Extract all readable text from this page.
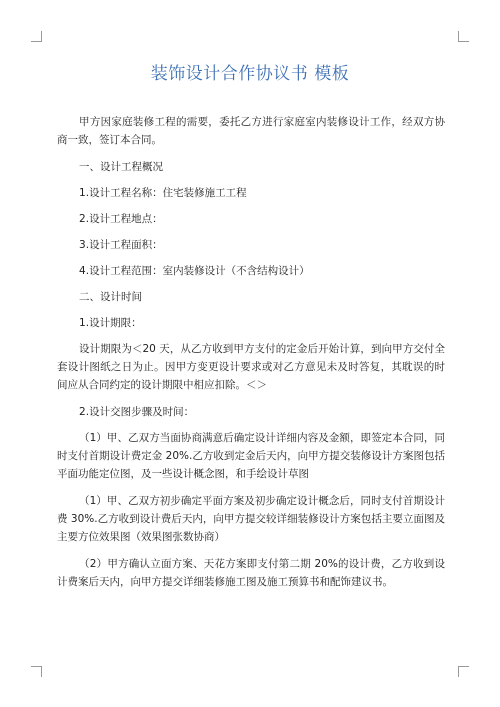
装饰设计合作协议书 模板

甲方因家庭装修工程的需要，委托乙方进行家庭室内装修设计工作，经双方协商一致，签订本合同。

一、设计工程概况

1.设计工程名称：住宅装修施工工程

2.设计工程地点：

3.设计工程面积：

4.设计工程范围：室内装修设计（不含结构设计）

二、设计时间

1.设计期限：

设计期限为＜20 天，从乙方收到甲方支付的定金后开始计算，到向甲方交付全套设计图纸之日为止。因甲方变更设计要求或对乙方意见未及时答复，其耽误的时间应从合同约定的设计期限中相应扣除。＜＞

2.设计交图步骤及时间：

（1）甲、乙双方当面协商满意后确定设计详细内容及金额，即签定本合同，同时支付首期设计费定金 20%.乙方收到定金后天内，向甲方提交装修设计方案图包括平面功能定位图，及一些设计概念图，和手绘设计草图

（1）甲、乙双方初步确定平面方案及初步确定设计概念后，同时支付首期设计费 30%.乙方收到设计费后天内，向甲方提交较详细装修设计方案包括主要立面图及主要方位效果图（效果图张数协商）

（2）甲方确认立面方案、天花方案即支付第二期 20%的设计费，乙方收到设计费案后天内，向甲方提交详细装修施工图及施工预算书和配饰建议书。
